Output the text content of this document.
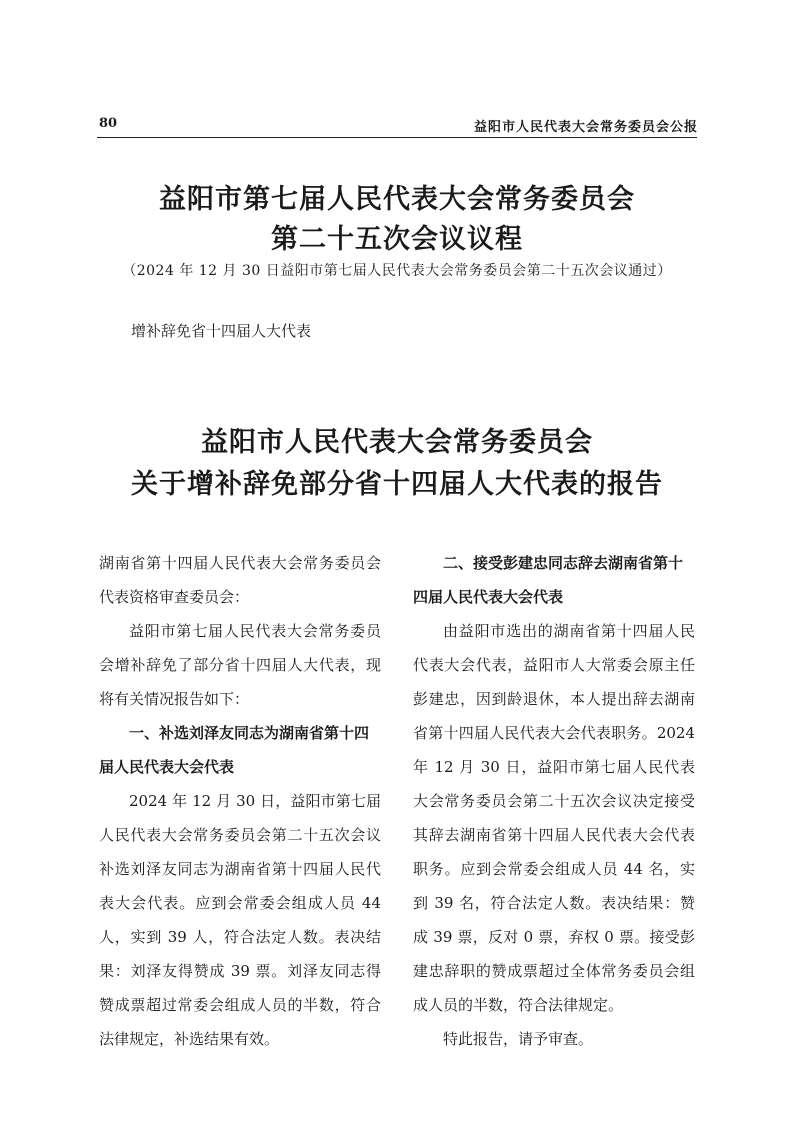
80	益阳市人民代表大会常务委员会公报
益阳市第七届人民代表大会常务委员会
第二十五次会议议程
（2024 年 12 月 30 日益阳市第七届人民代表大会常务委员会第二十五次会议通过）
增补辞免省十四届人大代表
益阳市人民代表大会常务委员会
关于增补辞免部分省十四届人大代表的报告

湖南省第十四届人民代表大会常务委员会代表资格审查委员会：

益阳市第七届人民代表大会常务委员会增补辞免了部分省十四届人大代表，现将有关情况报告如下：

一、补选刘泽友同志为湖南省第十四届人民代表大会代表

2024 年 12 月 30 日，益阳市第七届人民代表大会常务委员会第二十五次会议补选刘泽友同志为湖南省第十四届人民代表大会代表。应到会常委会组成人员 44 人，实到 39 人，符合法定人数。表决结果：刘泽友得赞成 39 票。刘泽友同志得赞成票超过常委会组成人员的半数，符合法律规定，补选结果有效。

二、接受彭建忠同志辞去湖南省第十四届人民代表大会代表

由益阳市选出的湖南省第十四届人民代表大会代表，益阳市人大常委会原主任彭建忠，因到龄退休，本人提出辞去湖南省第十四届人民代表大会代表职务。2024 年 12 月 30 日，益阳市第七届人民代表大会常务委员会第二十五次会议决定接受其辞去湖南省第十四届人民代表大会代表职务。应到会常委会组成人员 44 名，实到 39 名，符合法定人数。表决结果：赞成 39 票，反对 0 票，弃权 0 票。接受彭建忠辞职的赞成票超过全体常务委员会组成人员的半数，符合法律规定。

特此报告，请予审查。
